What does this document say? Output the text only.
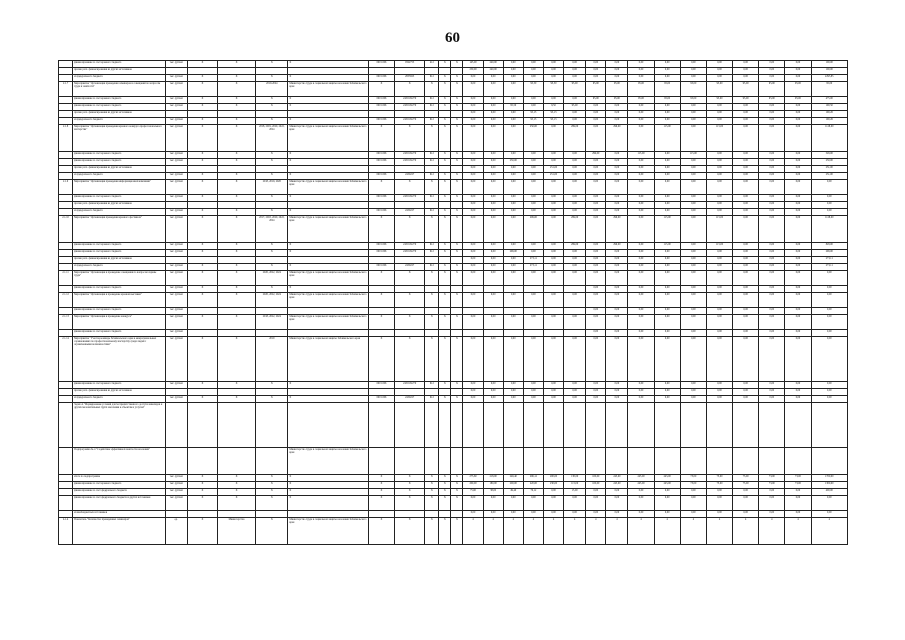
60
	финансирование за счет краевого бюджета	тыс. рублей	X	X	X	X	000 1006	0322755	412	X	X	145,00	240,00	0,00	0,00	0,00	0,00	0,00	0,00	0,00	0,00	0,00	0,00	0,00	0,00	0,00	100,00
	прочие расх. финансирования из других источников											250,00	240,00	0,00	0,00	0,00	0,00	0,00	0,00	0,00	0,00	0,00	0,00	0,00	0,00	0,00	100,00
	из федерального бюджета	тыс. рублей	X	X	X	X	000 1006	2855825	612	X	X	0,00	0,00	0,00	0,00	0,00	0,00	0,00	0,00	0,00	0,00	0,00	0,00	0,00	0,00	0,00	2295,85
2.1.7	Мероприятие "Организация проведения семинаров и совещаний по вопросам труда и занятости"	тыс. рублей	X	X	2019-2024	Министерство труда и социальной защиты населения Забайкальского края	X	X	X	X	X	0,00	0,00	0,00	95,50	93,50	95,00	95,00	95,00	95,00	95,00	95,00	95,00	95,00	95,00	95,00	95,00
	финансирование за счет краевого бюджета	тыс. рублей	X	X	X	X	000 1006	2450132270	612	X	X	0,00	0,00	0,00	0,00	0,00	0,00	95,00	95,00	95,00	95,00	95,00	95,00	95,00	95,00	95,00	475,00
	финансирование за счет краевого бюджета	тыс. рублей	X	X	X	X	000 1006	2450132270	612	X	X	0,00	0,00	95,50	0,00	9,50	95,00	0,00	0,00	0,00	0,00	0,00	0,00	0,00	0,00	0,00	190,50
	прочие расх. финансирования из других источников											0,00	0,00	0,00	95,13	95,13	0,00	0,00	0,00	0,00	0,00	0,00	0,00	0,00	0,00	0,00	190,26
	из федерального бюджета	тыс. рублей	X	X	X	X	000 1006	2450132270	612	X	X	0,00	0,00	0,00	95,13	95,13	0,00	0,00	0,00	0,00	0,00	0,00	0,00	0,00	0,00	0,00	190,26
2.1.8	Мероприятие "Организация проведения краевого конкурса профессионального мастерства"	тыс. рублей	X	X	2018, 2019, 2020, 2022, 2024	Министерство труда и социальной защиты населения Забайкальского края	X	X	X	X	X	0,00	0,00	0,00	250,00	0,00	299,00	0,00	299,00	0,00	115,00	0,00	115,00	0,00	0,00	0,00	1128,00
	финансирование за счет краевого бюджета	тыс. рублей	X	X	X	X	000 1006	2450132270	612	X	X	0,00	0,00	0,00	0,00	0,00	0,00	299,00	0,00	115,00	0,00	115,00	0,00	0,00	0,00	0,00	529,00
	финансирование за счет краевого бюджета	тыс. рублей	X	X	X	X	000 1006	2450132270	612	X	X	0,00	0,00	250,00	0,00	0,00	0,00	0,00	0,00	0,00	0,00	0,00	0,00	0,00	0,00	0,00	250,00
	прочие расх. финансирования из других источников											0,00	0,00	0,00	0,00	251,00	0,00	0,00	0,00	0,00	0,00	0,00	0,00	0,00	0,00	0,00	251,00
	из федерального бюджета	тыс. рублей	X	X	X	X	000 1006	2450227	612	X	X	0,00	0,00	0,00	0,00	251,00	0,00	0,00	0,00	0,00	0,00	0,00	0,00	0,00	0,00	0,00	251,00
2.1.9	Мероприятие "Организация проведения информационной кампании"	тыс. рублей	X	X	2018, 2019, 2020	Министерство труда и социальной защиты населения Забайкальского края	X	X	X	X	X	0,00	0,00	0,00	0,00	0,00	0,00	0,00	0,00	0,00	0,00	0,00	0,00	0,00	0,00	0,00	0,00
	финансирование за счет краевого бюджета	тыс. рублей	X	X	X	X	000 1006	2450132270	612	X	X	0,00	0,00	0,00	0,00	0,00	0,00	0,00	0,00	0,00	0,00	0,00	0,00	0,00	0,00	0,00	0,00
	прочие расх. финансирования из других источников											0,00	0,00	0,00	0,00	0,00	0,00	0,00	0,00	0,00	0,00	0,00	0,00	0,00	0,00	0,00	0,00
	из федерального бюджета	тыс. рублей	X	X	X	X	000 1006	2450227	612	X	X	0,00	0,00	0,00	0,00	0,00	0,00	0,00	0,00	0,00	0,00	0,00	0,00	0,00	0,00	0,00	0,00
2.1.10	Мероприятие "Организация проведения краевого фестиваля"	тыс. рублей	X	X	2017, 2018, 2020, 2022, 2024	Министерство труда и социальной защиты населения Забайкальского края	X	X	X	X	X	0,00	0,00	0,00	299,00	0,00	299,00	0,00	299,00	0,00	115,00	0,00	115,00	0,00	0,00	0,00	1128,00
	финансирование за счет краевого бюджета	тыс. рублей	X	X	X	X	000 1006	2450132270	612	X	X	0,00	0,00	0,00	0,00	0,00	299,00	0,00	299,00	0,00	115,00	0,00	115,00	0,00	0,00	0,00	828,00
	финансирование за счет краевого бюджета	тыс. рублей	X	X	X	X	000 1006	2450132270	612	X	X	0,00	0,00	299,00	0,00	0,00	0,00	0,00	0,00	0,00	0,00	0,00	0,00	0,00	0,00	0,00	299,00
	прочие расх. финансирования из других источников											0,00	0,00	0,00	273,11	0,00	0,00	0,00	0,00	0,00	0,00	0,00	0,00	0,00	0,00	0,00	273,11
	из федерального бюджета	тыс. рублей	X	X	X	X	000 1006	2450227	612	X	X	0,00	0,00	0,00	273,11	0,00	0,00	0,00	0,00	0,00	0,00	0,00	0,00	0,00	0,00	0,00	273,11
2.1.11	Мероприятие "Организация и проведение совещания по вопросам охраны труда"	тыс. рублей	X	X	2020, 2022, 2024	Министерство труда и социальной защиты населения Забайкальского края	X	X	X	X	X	0,00	0,00	0,00	0,00	0,00	0,00	0,00	0,00	0,00	0,00	0,00	0,00	0,00	0,00	0,00	0,00
	финансирование за счет краевого бюджета	тыс. рублей	X	X	X	X												0,00	0,00	0,00	0,00	0,00	0,00	0,00	0,00	0,00	0,00
2.1.12	Мероприятие "Организация и проведение краевой выставки"	тыс. рублей	X	X	2020, 2022, 2024	Министерство труда и социальной защиты населения Забайкальского края	X	X	X	X	X	0,00	0,00	0,00	0,00	0,00	0,00	0,00	0,00	0,00	0,00	0,00	0,00	0,00	0,00	0,00	0,00
	финансирование за счет краевого бюджета	тыс. рублей																0,00	0,00	0,00	0,00	0,00	0,00	0,00	0,00	0,00	0,00
2.1.13	Мероприятие "Организация и проведение конкурса"	тыс. рублей	X	X	2018, 2022, 2024	Министерство труда и социальной защиты населения Забайкальского края	X	X	X	X	X	0,00	0,00	0,00	0,00	0,00	0,00	0,00	0,00	0,00	0,00	0,00	0,00	0,00	0,00	0,00	0,00
	финансирование за счет краевого бюджета	тыс. рублей																0,00	0,00	0,00	0,00	0,00	0,00	0,00	0,00	0,00	0,00
2.1.14	Мероприятие "Участие команды Забайкальского края в межрегиональных соревнованиях по профессиональному мастерству среди людей с ограниченными возможностями"	тыс. рублей	X	X	2019	Министерство труда и социальной защиты Забайкальского края	X	X	X	X	X	0,00	0,00	0,00	0,00	0,00	0,00	0,00	0,00	0,00	0,00	0,00	0,00	0,00	0,00	0,00	0,00
	финансирование за счет краевого бюджета	тыс. рублей	X	X	X	X	000 1006	2450132270	612	X	X	0,00	0,00	0,00	0,00	0,00	0,00	0,00	0,00	0,00	0,00	0,00	0,00	0,00	0,00	0,00	0,00
	прочие расх. финансирования из других источников											0,00	0,00	0,00	0,00	0,00	0,00	0,00	0,00	0,00	0,00	0,00	0,00	0,00	0,00	0,00	0,00
	из федерального бюджета	тыс. рублей	X	X	X	X	000 1006	2450227	612	X	X	0,00	0,00	0,00	0,00	0,00	0,00	0,00	0,00	0,00	0,00	0,00	0,00	0,00	0,00	0,00	0,00
	Задача 4 "Формирование условий для беспрепятственного доступа инвалидов и других маломобильных групп населения к объектам и услугам"																										
	Подпрограмма № 4 "Содействие эффективной занятости населения"					Министерство труда и социальной защиты населения Забайкальского края																					
	итого по подпрограмме	тыс. рублей	X	X	X	X	X	X	X	X	X	275,60	218,00	249,40	296,12	200,00	130,00	100,00	245,00	245,00	245,00	73,00	73,00	73,00	73,00	73,00	1700,00
	финансирование за счет краевого бюджета	тыс. рублей	X	X	X	X	X	X	X	X	X	200,00	180,00	200,00	220,00	230,00	115,00	100,00	245,00	245,00	245,00	73,00	73,00	73,00	73,00	73,00	1300,00
	финансирование за счет федерального бюджета	тыс. рублей	X	X	X	X	X	X	X	X	X	75,60	38,00	49,40	76,12	0,00	15,00	0,00	0,00	0,00	0,00	0,00	0,00	0,00	0,00	0,00	400,00
	финансирование за счет федерального бюджета и других источников	тыс. рублей	X	X	X	X	X	X	X	X	X	0,00	0,00	0,00	0,00	0,00	0,00	0,00	0,00	0,00	0,00	0,00	0,00	0,00	0,00	0,00	0,00
	из внебюджетных источников											0,00	0,00	0,00	0,00	0,00	0,00	0,00	0,00	0,00	0,00	0,00	0,00	0,00	0,00	0,00	0,00
4.1.4	Показатель "Количество проведенных семинаров"	ед.	X	Министерство	X	Министерство труда и социальной защиты населения Забайкальского края	X	X	X	X	X	4	4	4	4	4	4	4	4	4	4	4	4	4	4	4	4
